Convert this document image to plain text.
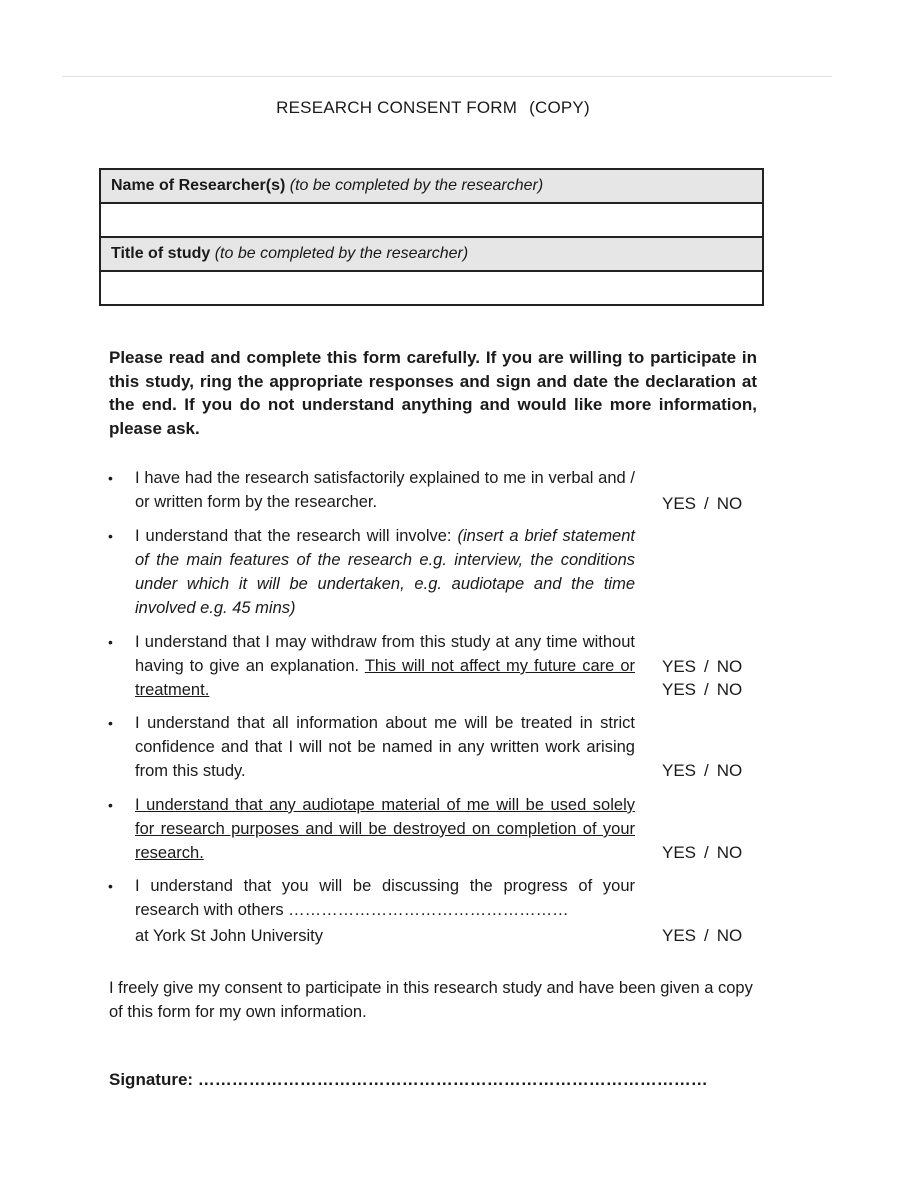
RESEARCH CONSENT FORM (COPY)
Name of Researcher(s) (to be completed by the researcher)

Title of study (to be completed by the researcher)

Please read and complete this form carefully. If you are willing to participate in this study, ring the appropriate responses and sign and date the declaration at the end. If you do not understand anything and would like more information, please ask.
•	I have had the research satisfactorily explained to me in verbal and / or written form by the researcher.	YES / NO
•	I understand that the research will involve: (insert a brief statement of the main features of the research e.g. interview, the conditions under which it will be undertaken, e.g. audiotape and the time involved e.g. 45 mins)
YES / NO
•	I understand that I may withdraw from this study at any time without having to give an explanation. This will not affect my future care or treatment.	YES / NO
•	I understand that all information about me will be treated in strict confidence and that I will not be named in any written work arising from this study.	YES / NO
•	I understand that any audiotape material of me will be used solely for research purposes and will be destroyed on completion of your research.	YES / NO
•	I understand that you will be discussing the progress of your research with others ……………………………………………
at York St John University	YES / NO
I freely give my consent to participate in this research study and have been given a copy of this form for my own information.
Signature: ………………………………………………………………………………
